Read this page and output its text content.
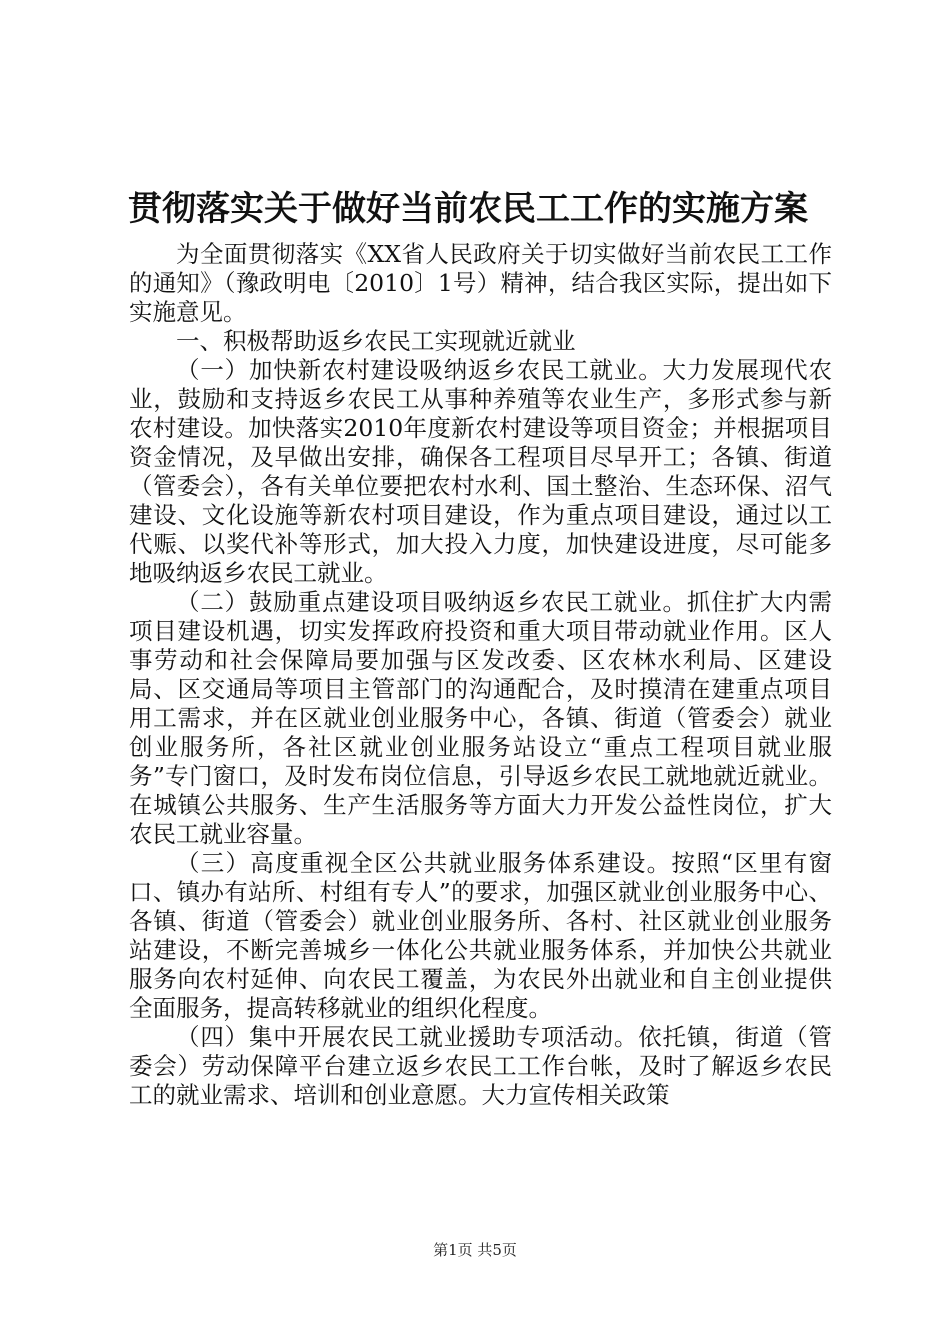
贯彻落实关于做好当前农民工工作的实施方案

为全面贯彻落实《XX省人民政府关于切实做好当前农民工工作的通知》（豫政明电〔2010〕1号）精神，结合我区实际，提出如下实施意见。

一、积极帮助返乡农民工实现就近就业

（一）加快新农村建设吸纳返乡农民工就业。大力发展现代农业，鼓励和支持返乡农民工从事种养殖等农业生产，多形式参与新农村建设。加快落实2010年度新农村建设等项目资金；并根据项目资金情况，及早做出安排，确保各工程项目尽早开工；各镇、街道（管委会），各有关单位要把农村水利、国土整治、生态环保、沼气建设、文化设施等新农村项目建设，作为重点项目建设，通过以工代赈、以奖代补等形式，加大投入力度，加快建设进度，尽可能多地吸纳返乡农民工就业。

（二）鼓励重点建设项目吸纳返乡农民工就业。抓住扩大内需项目建设机遇，切实发挥政府投资和重大项目带动就业作用。区人事劳动和社会保障局要加强与区发改委、区农林水利局、区建设局、区交通局等项目主管部门的沟通配合，及时摸清在建重点项目用工需求，并在区就业创业服务中心，各镇、街道（管委会）就业创业服务所，各社区就业创业服务站设立“重点工程项目就业服务”专门窗口，及时发布岗位信息，引导返乡农民工就地就近就业。在城镇公共服务、生产生活服务等方面大力开发公益性岗位，扩大农民工就业容量。

（三）高度重视全区公共就业服务体系建设。按照“区里有窗口、镇办有站所、村组有专人”的要求，加强区就业创业服务中心、各镇、街道（管委会）就业创业服务所、各村、社区就业创业服务站建设，不断完善城乡一体化公共就业服务体系，并加快公共就业服务向农村延伸、向农民工覆盖，为农民外出就业和自主创业提供全面服务，提高转移就业的组织化程度。

（四）集中开展农民工就业援助专项活动。依托镇，街道（管委会）劳动保障平台建立返乡农民工工作台帐，及时了解返乡农民工的就业需求、培训和创业意愿。大力宣传相关政策

第1页 共5页
